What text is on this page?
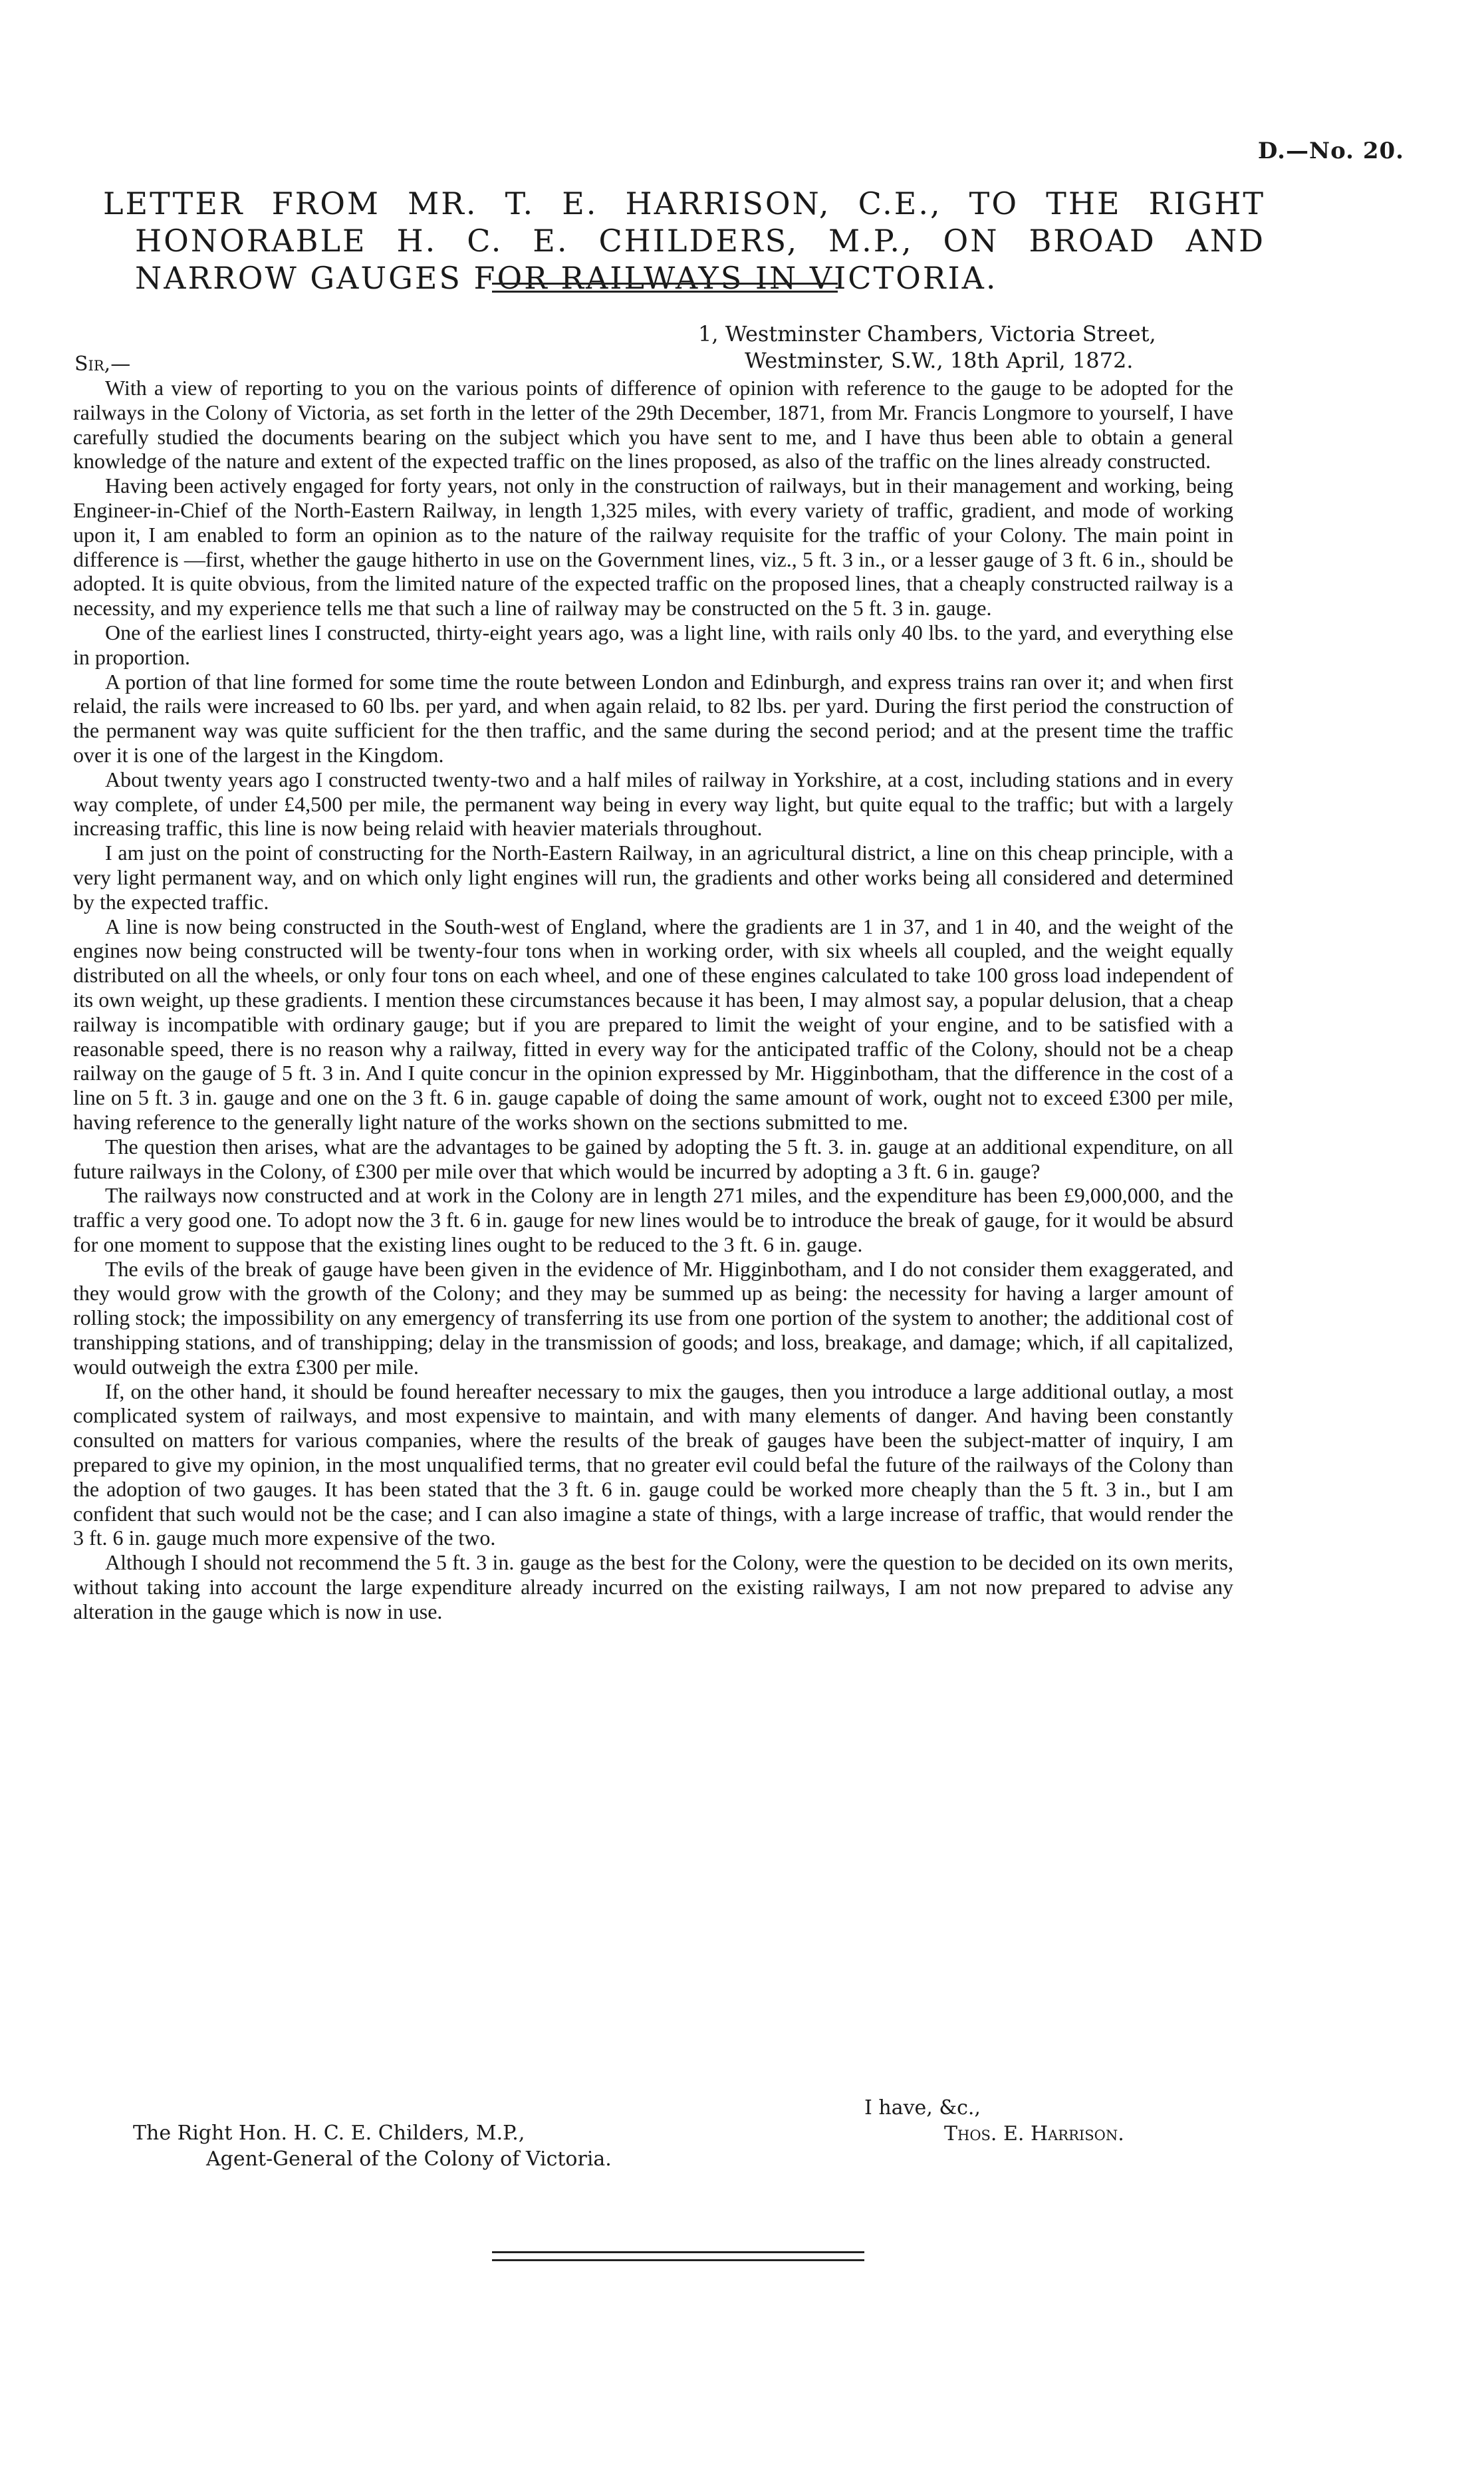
D.—No. 20.
LETTER FROM MR. T. E. HARRISON, C.E., TO THE RIGHT HONORABLE H. C. E. CHILDERS, M.P., ON BROAD AND NARROW GAUGES FOR RAILWAYS IN VICTORIA.
1, Westminster Chambers, Victoria Street,
Westminster, S.W., 18th April, 1872.
Sir,—

With a view of reporting to you on the various points of difference of opinion with reference to the gauge to be adopted for the railways in the Colony of Victoria, as set forth in the letter of the 29th December, 1871, from Mr. Francis Longmore to yourself, I have carefully studied the documents bearing on the subject which you have sent to me, and I have thus been able to obtain a general knowledge of the nature and extent of the expected traffic on the lines proposed, as also of the traffic on the lines already constructed.

Having been actively engaged for forty years, not only in the construction of railways, but in their management and working, being Engineer-in-Chief of the North-Eastern Railway, in length 1,325 miles, with every variety of traffic, gradient, and mode of working upon it, I am enabled to form an opinion as to the nature of the railway requisite for the traffic of your Colony. The main point in difference is —first, whether the gauge hitherto in use on the Government lines, viz., 5 ft. 3 in., or a lesser gauge of 3 ft. 6 in., should be adopted. It is quite obvious, from the limited nature of the expected traffic on the proposed lines, that a cheaply constructed railway is a necessity, and my experience tells me that such a line of railway may be constructed on the 5 ft. 3 in. gauge.

One of the earliest lines I constructed, thirty-eight years ago, was a light line, with rails only 40 lbs. to the yard, and everything else in proportion.

A portion of that line formed for some time the route between London and Edinburgh, and express trains ran over it; and when first relaid, the rails were increased to 60 lbs. per yard, and when again relaid, to 82 lbs. per yard. During the first period the construction of the permanent way was quite sufficient for the then traffic, and the same during the second period; and at the present time the traffic over it is one of the largest in the Kingdom.

About twenty years ago I constructed twenty-two and a half miles of railway in Yorkshire, at a cost, including stations and in every way complete, of under £4,500 per mile, the permanent way being in every way light, but quite equal to the traffic; but with a largely increasing traffic, this line is now being relaid with heavier materials throughout.

I am just on the point of constructing for the North-Eastern Railway, in an agricultural district, a line on this cheap principle, with a very light permanent way, and on which only light engines will run, the gradients and other works being all considered and determined by the expected traffic.

A line is now being constructed in the South-west of England, where the gradients are 1 in 37, and 1 in 40, and the weight of the engines now being constructed will be twenty-four tons when in working order, with six wheels all coupled, and the weight equally distributed on all the wheels, or only four tons on each wheel, and one of these engines calculated to take 100 gross load independent of its own weight, up these gradients. I mention these circumstances because it has been, I may almost say, a popular delusion, that a cheap railway is incompatible with ordinary gauge; but if you are prepared to limit the weight of your engine, and to be satisfied with a reasonable speed, there is no reason why a railway, fitted in every way for the anticipated traffic of the Colony, should not be a cheap railway on the gauge of 5 ft. 3 in. And I quite concur in the opinion expressed by Mr. Higginbotham, that the difference in the cost of a line on 5 ft. 3 in. gauge and one on the 3 ft. 6 in. gauge capable of doing the same amount of work, ought not to exceed £300 per mile, having reference to the generally light nature of the works shown on the sections submitted to me.

The question then arises, what are the advantages to be gained by adopting the 5 ft. 3. in. gauge at an additional expenditure, on all future railways in the Colony, of £300 per mile over that which would be incurred by adopting a 3 ft. 6 in. gauge?

The railways now constructed and at work in the Colony are in length 271 miles, and the expenditure has been £9,000,000, and the traffic a very good one. To adopt now the 3 ft. 6 in. gauge for new lines would be to introduce the break of gauge, for it would be absurd for one moment to suppose that the existing lines ought to be reduced to the 3 ft. 6 in. gauge.

The evils of the break of gauge have been given in the evidence of Mr. Higginbotham, and I do not consider them exaggerated, and they would grow with the growth of the Colony; and they may be summed up as being: the necessity for having a larger amount of rolling stock; the impossibility on any emergency of transferring its use from one portion of the system to another; the additional cost of transhipping stations, and of transhipping; delay in the transmission of goods; and loss, breakage, and damage; which, if all capitalized, would outweigh the extra £300 per mile.

If, on the other hand, it should be found hereafter necessary to mix the gauges, then you introduce a large additional outlay, a most complicated system of railways, and most expensive to maintain, and with many elements of danger. And having been constantly consulted on matters for various companies, where the results of the break of gauges have been the subject-matter of inquiry, I am prepared to give my opinion, in the most unqualified terms, that no greater evil could befal the future of the railways of the Colony than the adoption of two gauges. It has been stated that the 3 ft. 6 in. gauge could be worked more cheaply than the 5 ft. 3 in., but I am confident that such would not be the case; and I can also imagine a state of things, with a large increase of traffic, that would render the 3 ft. 6 in. gauge much more expensive of the two.

Although I should not recommend the 5 ft. 3 in. gauge as the best for the Colony, were the question to be decided on its own merits, without taking into account the large expenditure already incurred on the existing railways, I am not now prepared to advise any alteration in the gauge which is now in use.

I have, &c.,
Thos. E. Harrison.
The Right Hon. H. C. E. Childers, M.P.,
Agent-General of the Colony of Victoria.
